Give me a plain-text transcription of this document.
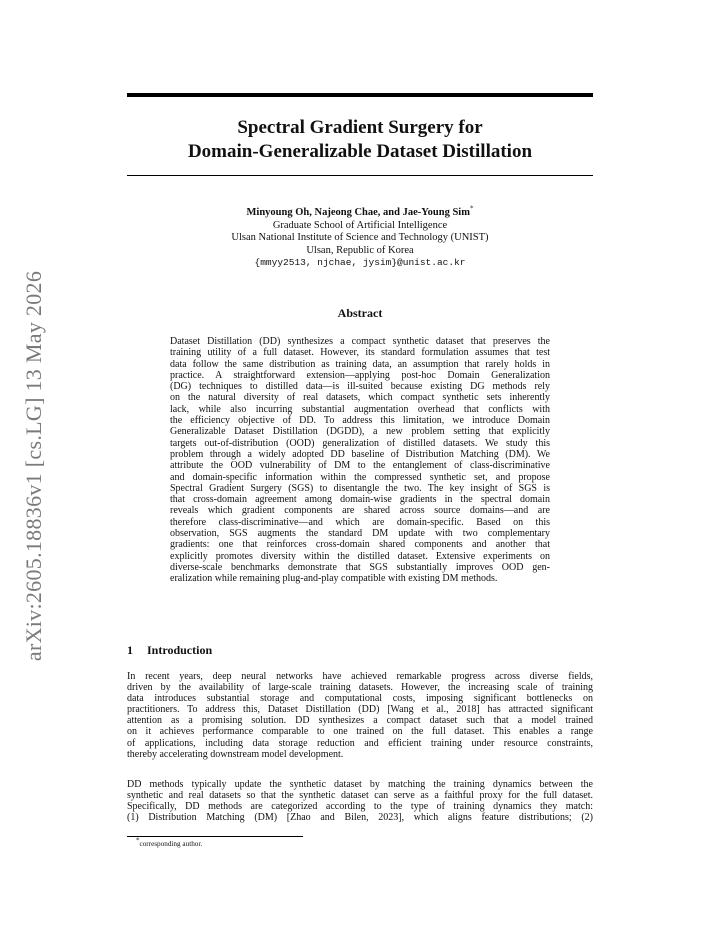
arXiv:2605.18836v1 [cs.LG] 13 May 2026
Spectral Gradient Surgery for
Domain-Generalizable Dataset Distillation
Minyoung Oh, Najeong Chae, and Jae-Young Sim*
Graduate School of Artificial Intelligence
Ulsan National Institute of Science and Technology (UNIST)
Ulsan, Republic of Korea
{mmyy2513, njchae, jysim}@unist.ac.kr
Abstract
Dataset Distillation (DD) synthesizes a compact synthetic dataset that preserves the
training utility of a full dataset. However, its standard formulation assumes that test
data follow the same distribution as training data, an assumption that rarely holds in
practice. A straightforward extension—applying post-hoc Domain Generalization
(DG) techniques to distilled data—is ill-suited because existing DG methods rely
on the natural diversity of real datasets, which compact synthetic sets inherently
lack, while also incurring substantial augmentation overhead that conflicts with
the efficiency objective of DD. To address this limitation, we introduce Domain
Generalizable Dataset Distillation (DGDD), a new problem setting that explicitly
targets out-of-distribution (OOD) generalization of distilled datasets. We study this
problem through a widely adopted DD baseline of Distribution Matching (DM). We
attribute the OOD vulnerability of DM to the entanglement of class-discriminative
and domain-specific information within the compressed synthetic set, and propose
Spectral Gradient Surgery (SGS) to disentangle the two. The key insight of SGS is
that cross-domain agreement among domain-wise gradients in the spectral domain
reveals which gradient components are shared across source domains—and are
therefore class-discriminative—and which are domain-specific. Based on this
observation, SGS augments the standard DM update with two complementary
gradients: one that reinforces cross-domain shared components and another that
explicitly promotes diversity within the distilled dataset. Extensive experiments on
diverse-scale benchmarks demonstrate that SGS substantially improves OOD gen-
eralization while remaining plug-and-play compatible with existing DM methods.
1 Introduction
In recent years, deep neural networks have achieved remarkable progress across diverse fields,
driven by the availability of large-scale training datasets. However, the increasing scale of training
data introduces substantial storage and computational costs, imposing significant bottlenecks on
practitioners. To address this, Dataset Distillation (DD) [Wang et al., 2018] has attracted significant
attention as a promising solution. DD synthesizes a compact dataset such that a model trained
on it achieves performance comparable to one trained on the full dataset. This enables a range
of applications, including data storage reduction and efficient training under resource constraints,
thereby accelerating downstream model development.
DD methods typically update the synthetic dataset by matching the training dynamics between the
synthetic and real datasets so that the synthetic dataset can serve as a faithful proxy for the full dataset.
Specifically, DD methods are categorized according to the type of training dynamics they match:
(1) Distribution Matching (DM) [Zhao and Bilen, 2023], which aligns feature distributions; (2)
*corresponding author.
